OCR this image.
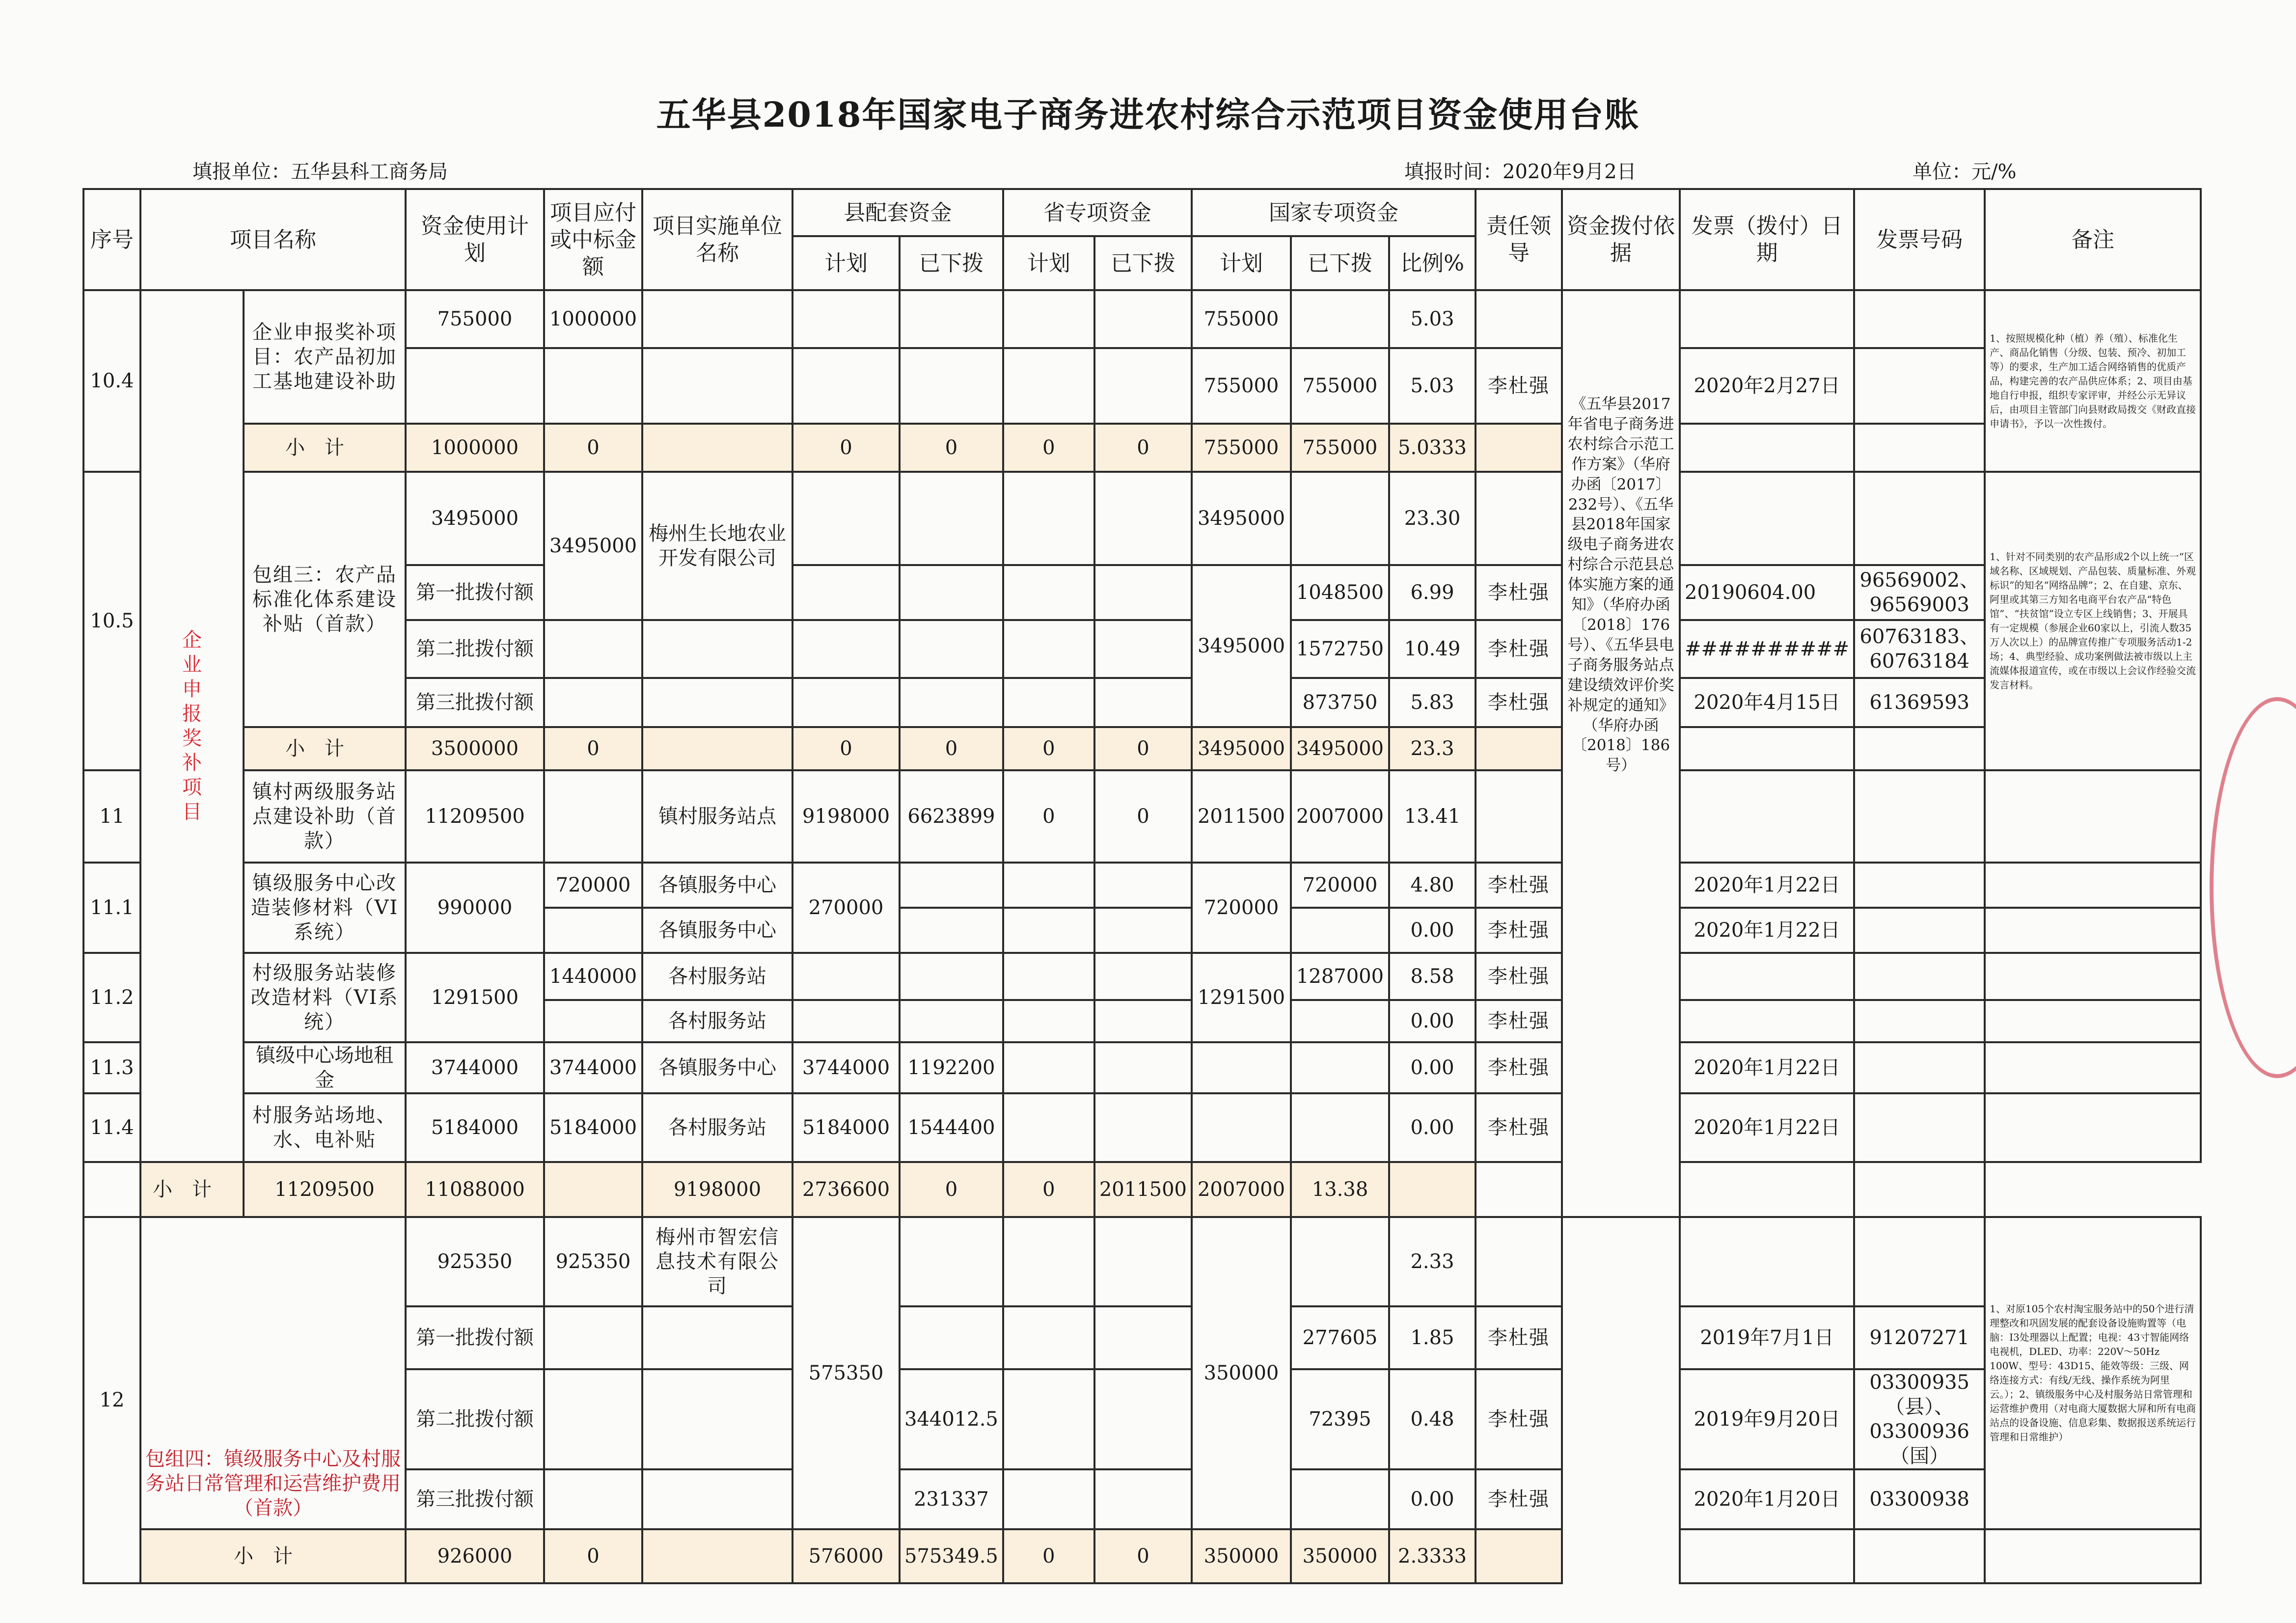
五华县2018年国家电子商务进农村综合示范项目资金使用台账
填报单位：五华县科工商务局	填报时间：2020年9月2日	单位：元/%
序号	项目名称		资金使用计划	项目应付或中标金额	项目实施单位名称	县配套资金		省专项资金		国家专项资金			责任领导	资金拨付依据	发票（拨付）日期	发票号码	备注
						计划	已下拨	计划	已下拨	计划	已下拨	比例%					
10.4	企业申报奖补项目	企业申报奖补项目：农产品初加工基地建设补助	755000	1000000						755000		5.03		《五华县2017年省电子商务进农村综合示范工作方案》（华府办函〔2017〕232号）、《五华县2018年国家级电子商务进农村综合示范县总体实施方案的通知》（华府办函〔2018〕176号）、《五华县电子商务服务站点建设绩效评价奖补规定的通知》（华府办函〔2018〕186号）			1、按照规模化种（植）养（殖）、标准化生产、商品化销售（分级、包装、预冷、初加工等）的要求，生产加工适合网络销售的优质产品，构建完善的农产品供应体系；2、项目由基地自行申报，组织专家评审，并经公示无异议后，由项目主管部门向县财政局拨交《财政直接申请书》，予以一次性拨付。
										755000	755000	5.03	李杜强		2020年2月27日		
		小计	1000000	0		0	0	0	0	755000	755000	5.0333					
10.5		包组三：农产品标准化体系建设补贴（首款）	3495000	3495000	梅州生长地农业开发有限公司					3495000		23.30					1、针对不同类别的农产品形成2个以上统一“区域名称、区域规划、产品包装、质量标准、外观标识”的知名“网络品牌”；2、在自建、京东、阿里或其第三方知名电商平台农产品“特色馆”、“扶贫馆”设立专区上线销售；3、开展具有一定规模（参展企业60家以上，引流人数35万人次以上）的品牌宣传推广专项服务活动1-2场；4、典型经验、成功案例做法被市级以上主流媒体报道宣传，或在市级以上会议作经验交流发言材料。
			第一批拨付额							3495000	1048500	6.99	李杜强		20190604.00	96569002、96569003	
			第二批拨付额								1572750	10.49	李杜强		##########	60763183、60763184	
			第三批拨付额								873750	5.83	李杜强		2020年4月15日	61369593	
		小计	3500000	0		0	0	0	0	3495000	3495000	23.3					
11		镇村两级服务站点建设补助（首款）	11209500		镇村服务站点	9198000	6623899	0	0	2011500	2007000	13.41					
11.1		镇级服务中心改造装修材料（VI系统）	990000	720000	各镇服务中心	270000				720000	720000	4.80	李杜强		2020年1月22日		
					各镇服务中心							0.00	李杜强		2020年1月22日		
11.2		村级服务站装修改造材料（VI系统）	1291500	1440000	各村服务站					1291500	1287000	8.58	李杜强				
					各村服务站							0.00	李杜强				
11.3		镇级中心场地租金	3744000	3744000	各镇服务中心	3744000	1192200					0.00	李杜强		2020年1月22日		
11.4		村服务站场地、水、电补贴	5184000	5184000	各村服务站	5184000	1544400					0.00	李杜强		2020年1月22日		
	小计	11209500	11088000		9198000	2736600	0	0	2011500	2007000	13.38						
12	包组四：镇级服务中心及村服务站日常管理和运营维护费用（首款）		925350	925350	梅州市智宏信息技术有限公司	575350				350000		2.33					1、对原105个农村淘宝服务站中的50个进行清理整改和巩固发展的配套设备设施购置等（电脑：I3处理器以上配置；电视：43寸智能网络电视机，DLED、功率：220V～50Hz 100W、型号：43D15、能效等级：三级、网络连接方式：有线/无线、操作系统为阿里云。）；2、镇级服务中心及村服务站日常管理和运营维护费用（对电商大厦数据大屏和所有电商站点的设备设施、信息彩集、数据报送系统运行管理和日常维护）
			第一批拨付额								277605	1.85	李杜强		2019年7月1日	91207271	
			第二批拨付额				344012.5				72395	0.48	李杜强		2019年9月20日	03300935（县）、03300936（国）	
			第三批拨付额				231337					0.00	李杜强		2020年1月20日	03300938	
	小计		926000	0		576000	575349.5	0	0	350000	350000	2.3333					
